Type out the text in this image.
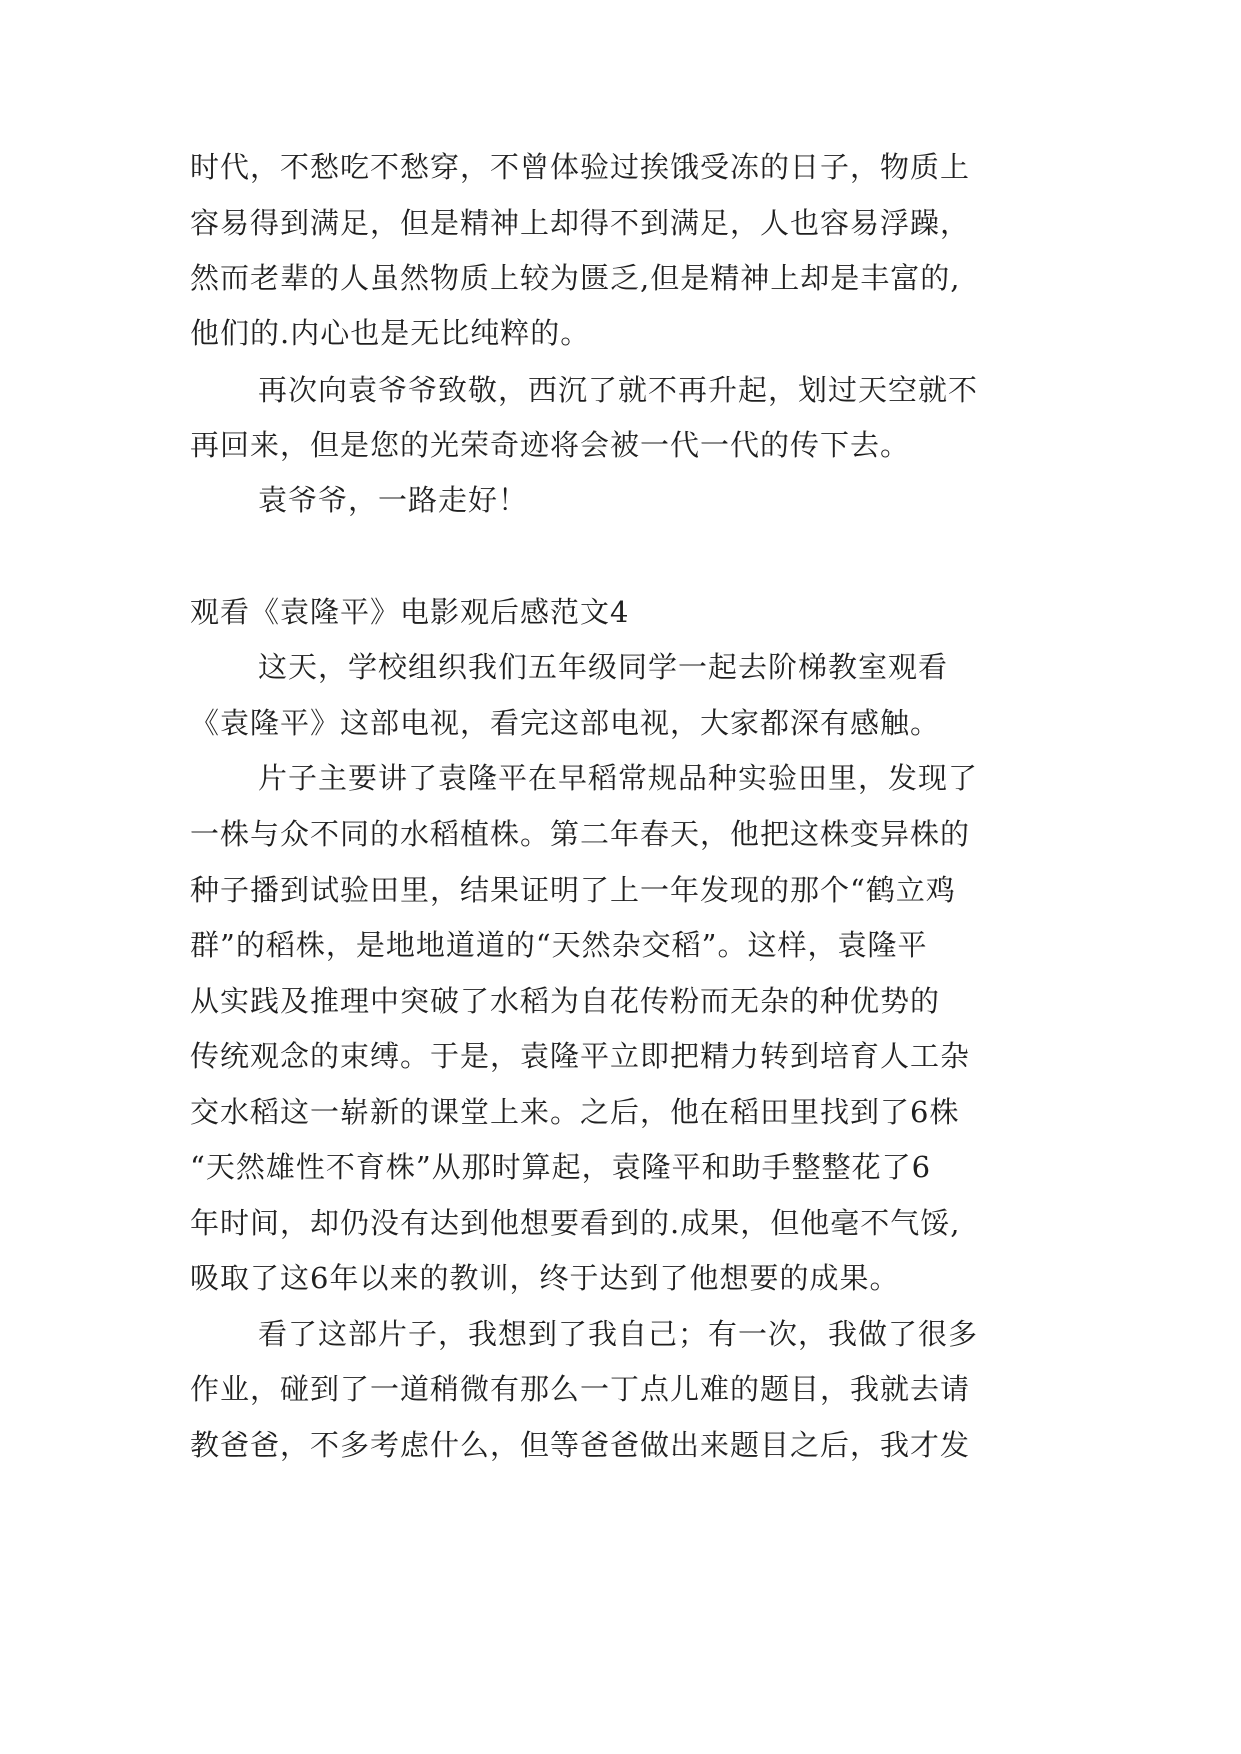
时代，不愁吃不愁穿，不曾体验过挨饿受冻的日子，物质上
容易得到满足，但是精神上却得不到满足，人也容易浮躁，
然而老辈的人虽然物质上较为匮乏,但是精神上却是丰富的,
他们的.内心也是无比纯粹的。
再次向袁爷爷致敬，西沉了就不再升起，划过天空就不
再回来，但是您的光荣奇迹将会被一代一代的传下去。
袁爷爷，一路走好！
观看《袁隆平》电影观后感范文4
这天，学校组织我们五年级同学一起去阶梯教室观看
《袁隆平》这部电视，看完这部电视，大家都深有感触。
片子主要讲了袁隆平在早稻常规品种实验田里，发现了
一株与众不同的水稻植株。第二年春天，他把这株变异株的
种子播到试验田里，结果证明了上一年发现的那个“鹤立鸡
群”的稻株，是地地道道的“天然杂交稻”。这样，袁隆平
从实践及推理中突破了水稻为自花传粉而无杂的种优势的
传统观念的束缚。于是，袁隆平立即把精力转到培育人工杂
交水稻这一崭新的课堂上来。之后，他在稻田里找到了6株
“天然雄性不育株”从那时算起，袁隆平和助手整整花了6
年时间，却仍没有达到他想要看到的.成果，但他毫不气馁,
吸取了这6年以来的教训，终于达到了他想要的成果。
看了这部片子，我想到了我自己；有一次，我做了很多
作业，碰到了一道稍微有那么一丁点儿难的题目，我就去请
教爸爸，不多考虑什么，但等爸爸做出来题目之后，我才发
